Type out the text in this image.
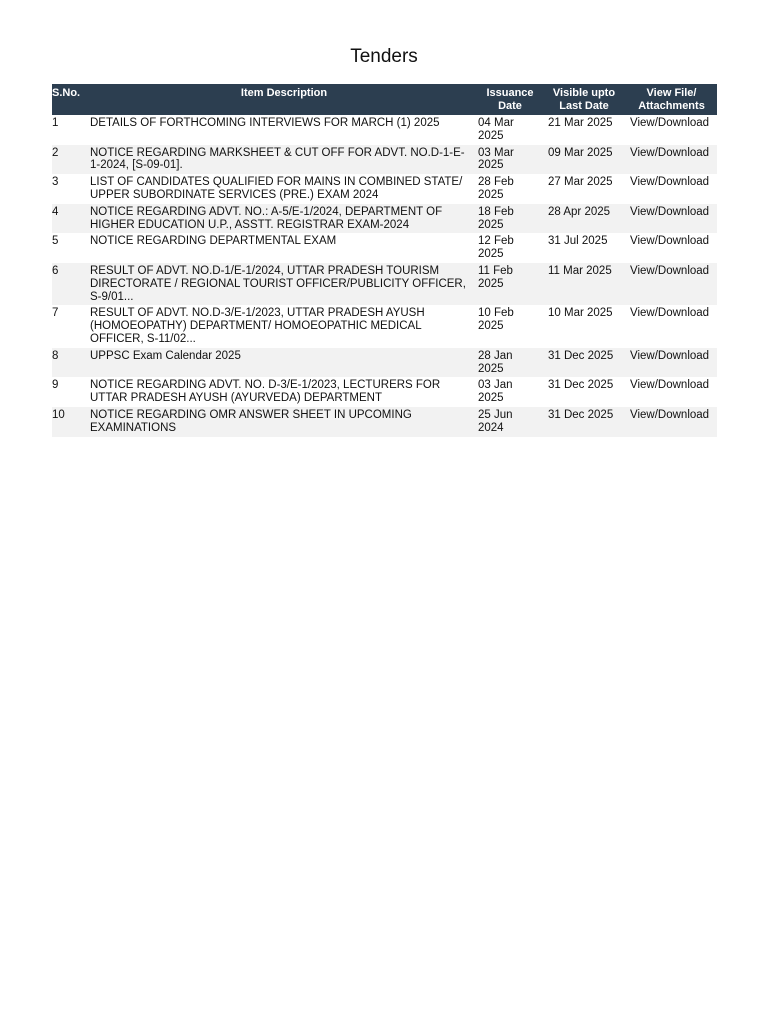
Tenders
S.No.	Item Description	Issuance Date	Visible upto Last Date	View File/ Attachments
1	DETAILS OF FORTHCOMING INTERVIEWS FOR MARCH (1) 2025	04 Mar 2025	21 Mar 2025	View/Download
2	NOTICE REGARDING MARKSHEET & CUT OFF FOR ADVT. NO.D-1-E-1-2024, [S-09-01].	03 Mar 2025	09 Mar 2025	View/Download
3	LIST OF CANDIDATES QUALIFIED FOR MAINS IN COMBINED STATE/ UPPER SUBORDINATE SERVICES (PRE.) EXAM 2024	28 Feb 2025	27 Mar 2025	View/Download
4	NOTICE REGARDING ADVT. NO.: A-5/E-1/2024, DEPARTMENT OF HIGHER EDUCATION U.P., ASSTT. REGISTRAR EXAM-2024	18 Feb 2025	28 Apr 2025	View/Download
5	NOTICE REGARDING DEPARTMENTAL EXAM	12 Feb 2025	31 Jul 2025	View/Download
6	RESULT OF ADVT. NO.D-1/E-1/2024, UTTAR PRADESH TOURISM DIRECTORATE / REGIONAL TOURIST OFFICER/PUBLICITY OFFICER, S-9/01...	11 Feb 2025	11 Mar 2025	View/Download
7	RESULT OF ADVT. NO.D-3/E-1/2023, UTTAR PRADESH AYUSH (HOMOEOPATHY) DEPARTMENT/ HOMOEOPATHIC MEDICAL OFFICER, S-11/02...	10 Feb 2025	10 Mar 2025	View/Download
8	UPPSC Exam Calendar 2025	28 Jan 2025	31 Dec 2025	View/Download
9	NOTICE REGARDING ADVT. NO. D-3/E-1/2023, LECTURERS FOR UTTAR PRADESH AYUSH (AYURVEDA) DEPARTMENT	03 Jan 2025	31 Dec 2025	View/Download
10	NOTICE REGARDING OMR ANSWER SHEET IN UPCOMING EXAMINATIONS	25 Jun 2024	31 Dec 2025	View/Download
